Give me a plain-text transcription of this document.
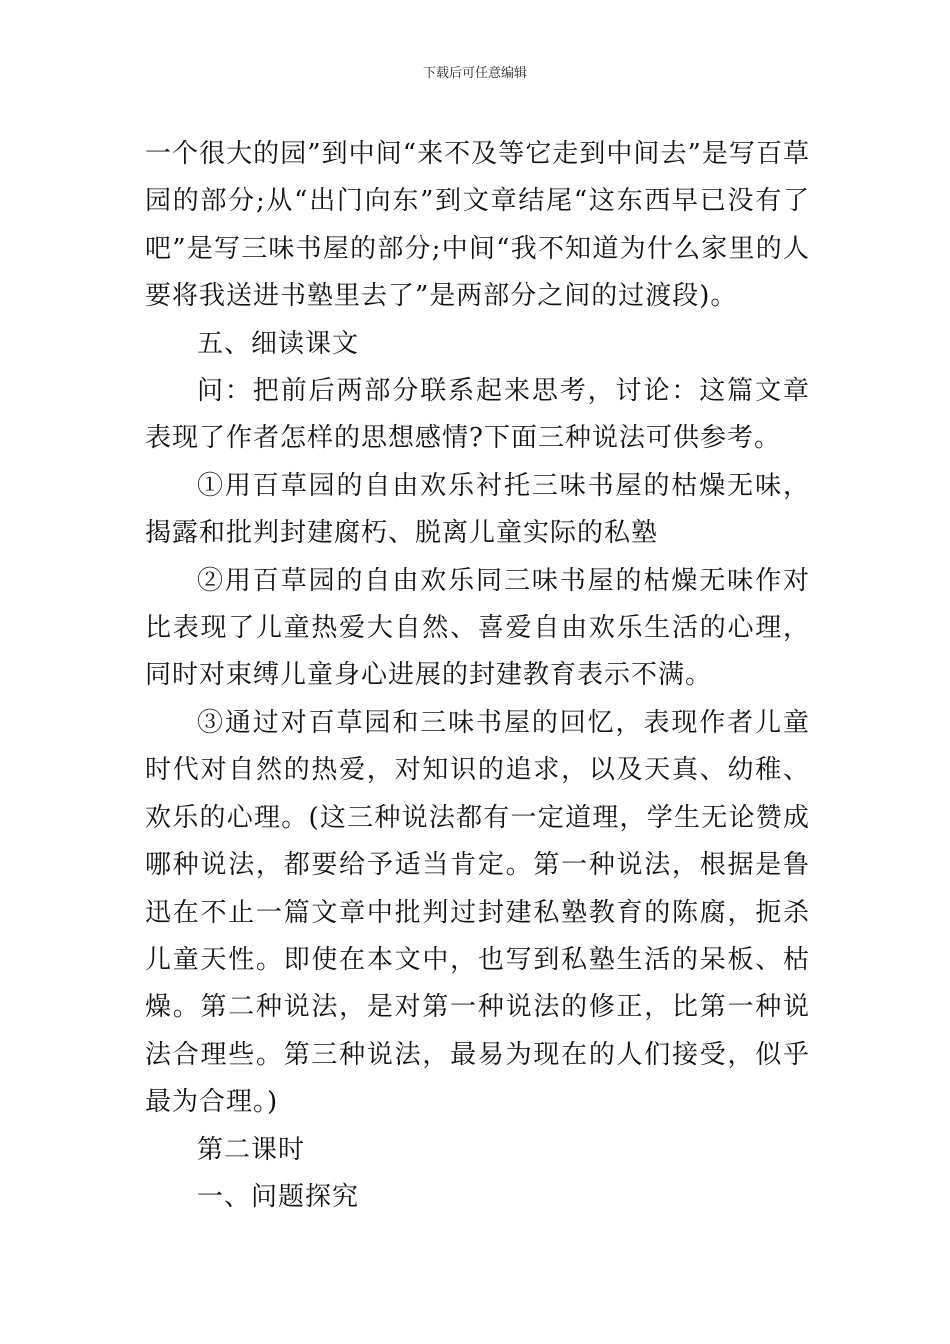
下载后可任意编辑

一个很大的园”到中间“来不及等它走到中间去”是写百草园的部分;从“出门向东”到文章结尾“这东西早已没有了吧”是写三味书屋的部分;中间“我不知道为什么家里的人要将我送进书塾里去了”是两部分之间的过渡段)。

五、细读课文

问：把前后两部分联系起来思考，讨论：这篇文章表现了作者怎样的思想感情?下面三种说法可供参考。

①用百草园的自由欢乐衬托三味书屋的枯燥无味，揭露和批判封建腐朽、脱离儿童实际的私塾

②用百草园的自由欢乐同三味书屋的枯燥无味作对比表现了儿童热爱大自然、喜爱自由欢乐生活的心理，同时对束缚儿童身心进展的封建教育表示不满。

③通过对百草园和三味书屋的回忆，表现作者儿童时代对自然的热爱，对知识的追求，以及天真、幼稚、欢乐的心理。(这三种说法都有一定道理，学生无论赞成哪种说法，都要给予适当肯定。第一种说法，根据是鲁迅在不止一篇文章中批判过封建私塾教育的陈腐，扼杀儿童天性。即使在本文中，也写到私塾生活的呆板、枯燥。第二种说法，是对第一种说法的修正，比第一种说法合理些。第三种说法，最易为现在的人们接受，似乎最为合理。)

第二课时

一、问题探究
